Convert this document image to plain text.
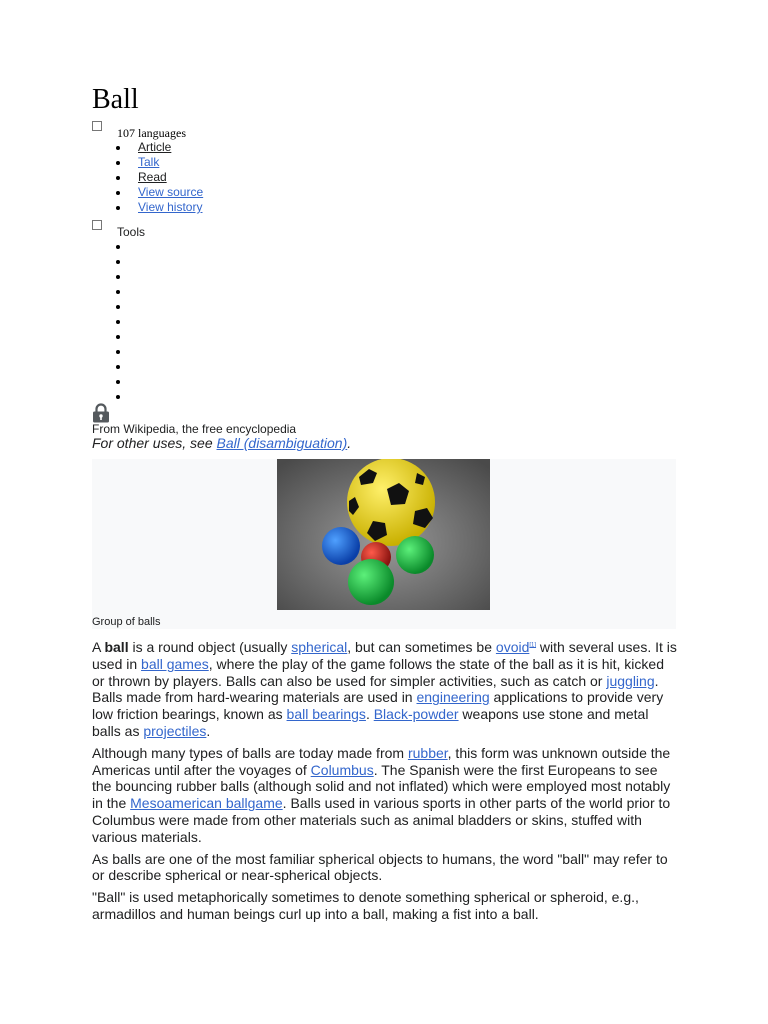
Ball
107 languages
Article
Talk
Read
View source
View history
Tools
From Wikipedia, the free encyclopedia
For other uses, see Ball (disambiguation).
Group of balls

A ball is a round object (usually spherical, but can sometimes be ovoid[1] with several uses. It is used in ball games, where the play of the game follows the state of the ball as it is hit, kicked or thrown by players. Balls can also be used for simpler activities, such as catch or juggling. Balls made from hard-wearing materials are used in engineering applications to provide very low friction bearings, known as ball bearings. Black-powder weapons use stone and metal balls as projectiles.

Although many types of balls are today made from rubber, this form was unknown outside the Americas until after the voyages of Columbus. The Spanish were the first Europeans to see the bouncing rubber balls (although solid and not inflated) which were employed most notably in the Mesoamerican ballgame. Balls used in various sports in other parts of the world prior to Columbus were made from other materials such as animal bladders or skins, stuffed with various materials.

As balls are one of the most familiar spherical objects to humans, the word "ball" may refer to or describe spherical or near-spherical objects.

"Ball" is used metaphorically sometimes to denote something spherical or spheroid, e.g., armadillos and human beings curl up into a ball, making a fist into a ball.
